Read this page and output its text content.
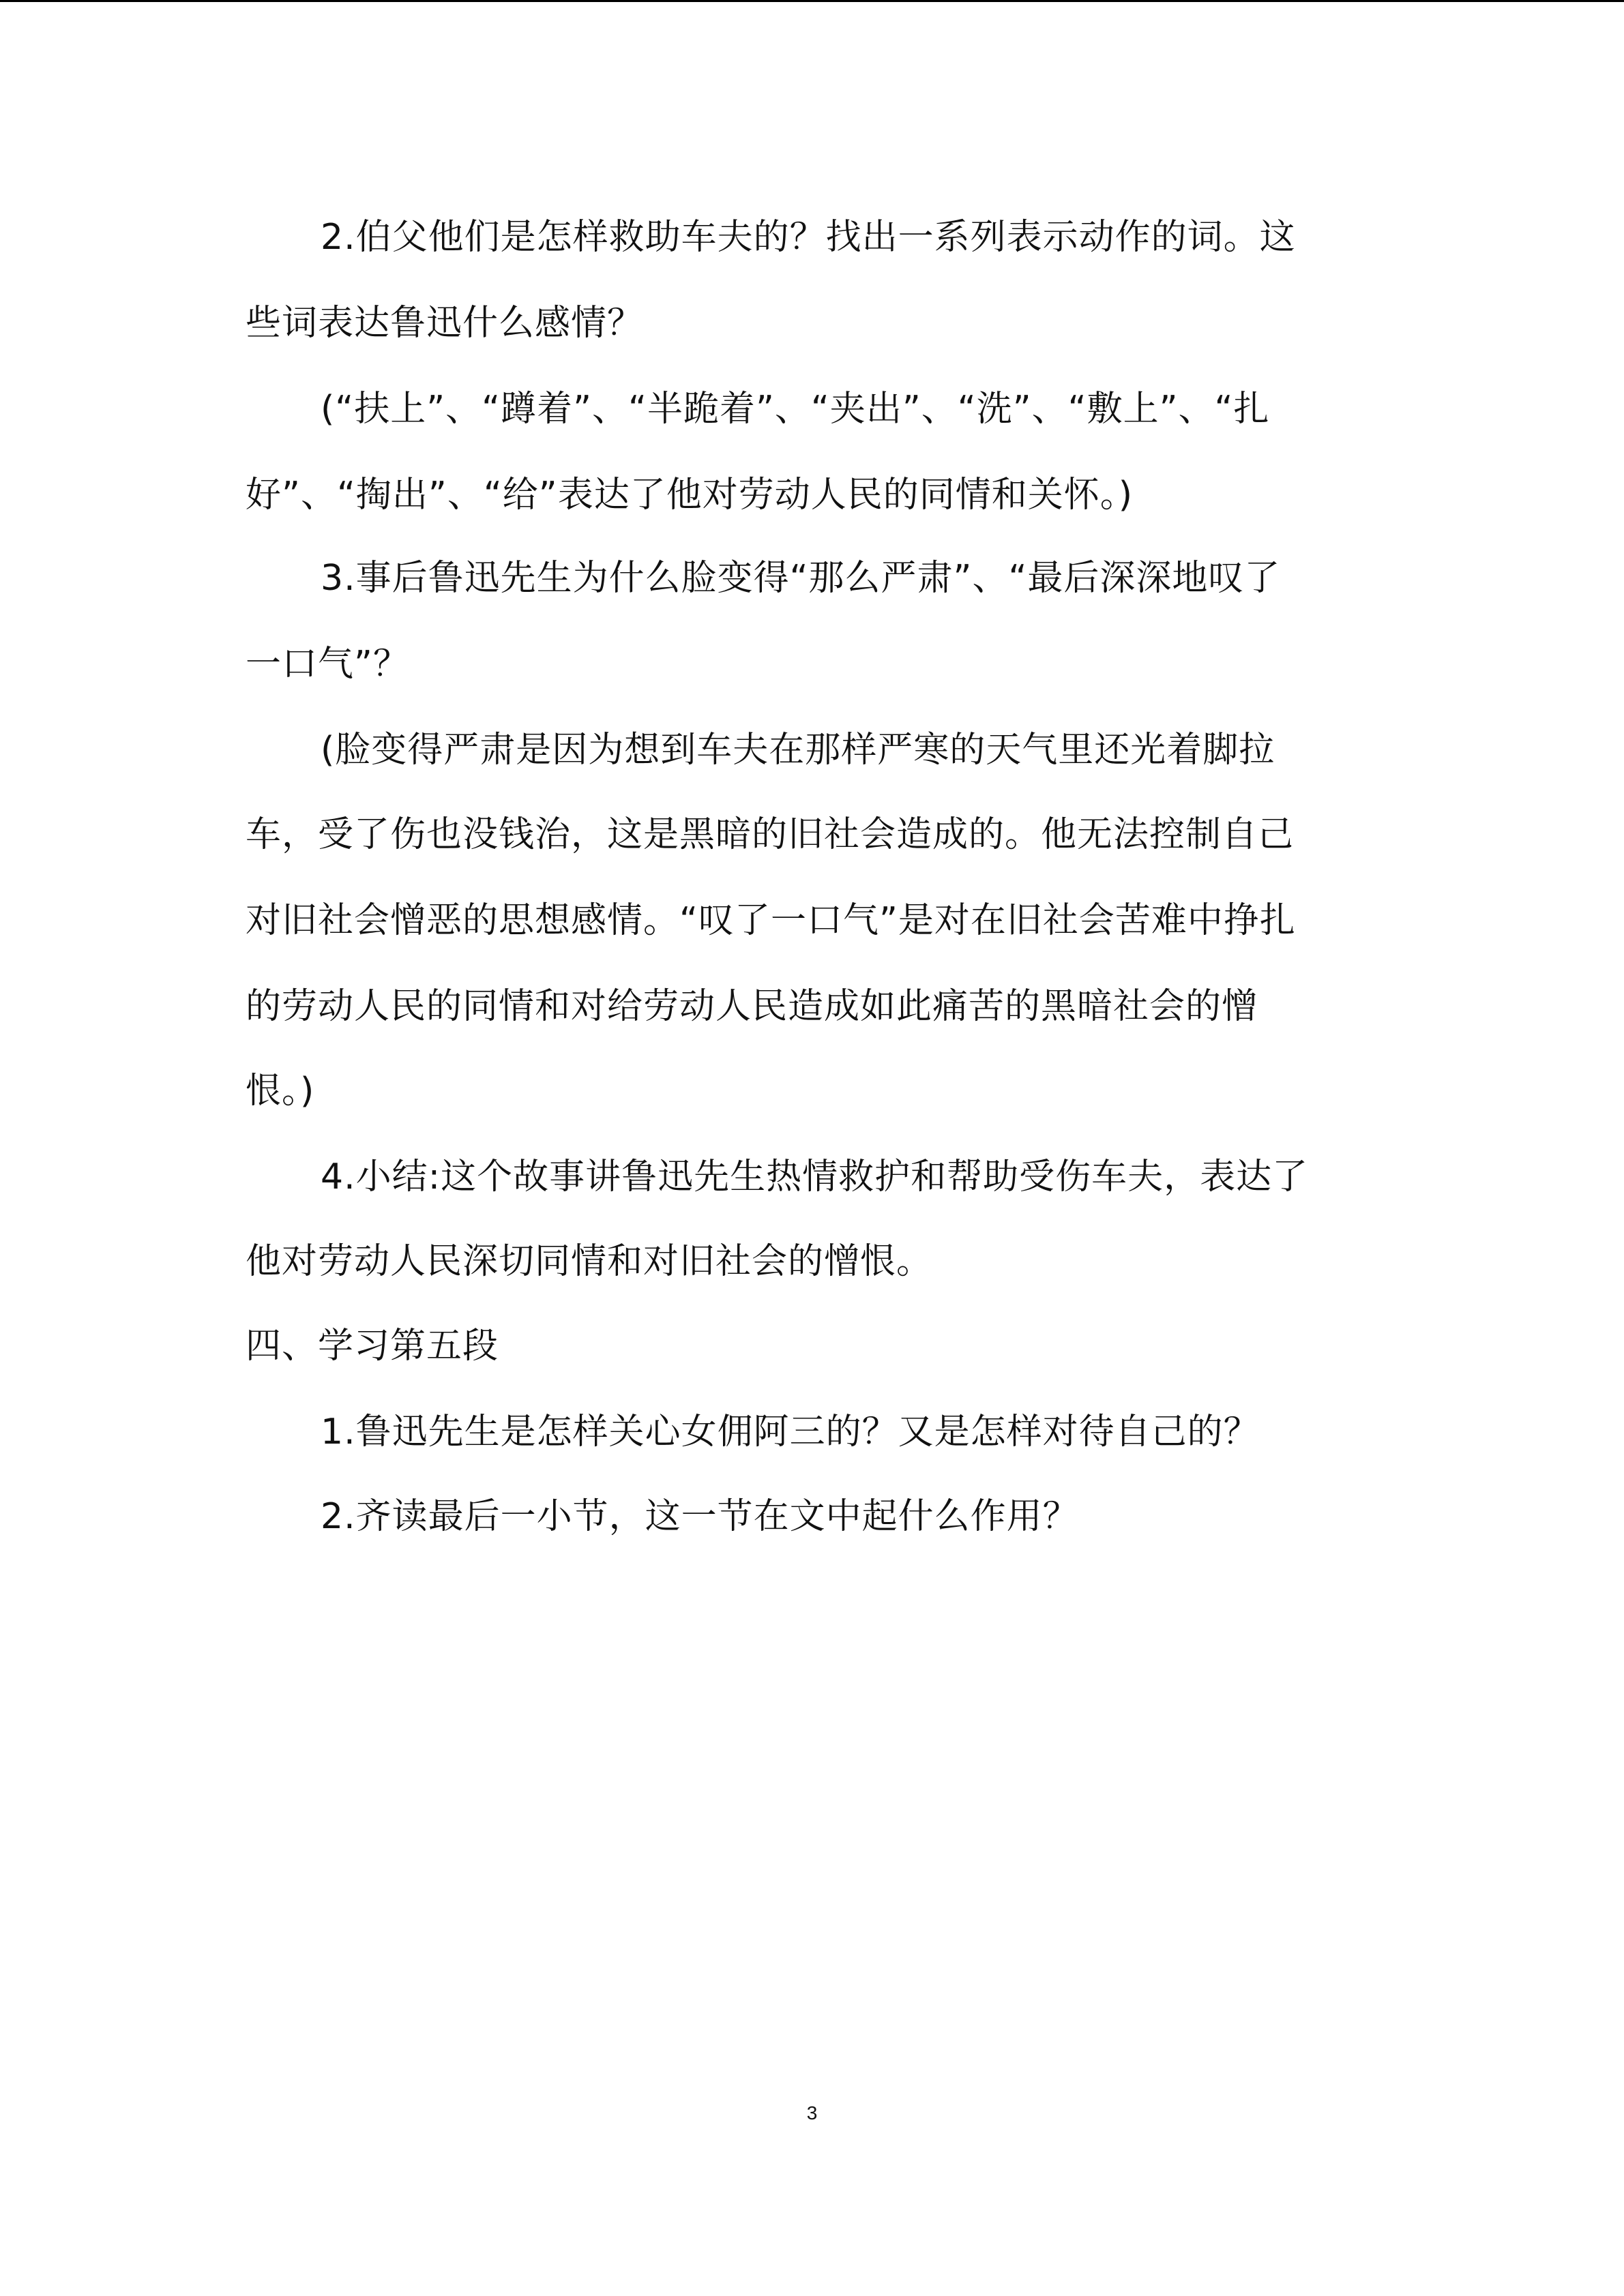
2.伯父他们是怎样救助车夫的？找出一系列表示动作的词。这
些词表达鲁迅什么感情？
(“扶上”、“蹲着”、“半跪着”、“夹出”、“洗”、“敷上”、“扎
好”、“掏出”、“给”表达了他对劳动人民的同情和关怀。)
3.事后鲁迅先生为什么脸变得“那么严肃”、“最后深深地叹了
一口气”？
(脸变得严肃是因为想到车夫在那样严寒的天气里还光着脚拉
车，受了伤也没钱治，这是黑暗的旧社会造成的。他无法控制自己
对旧社会憎恶的思想感情。“叹了一口气”是对在旧社会苦难中挣扎
的劳动人民的同情和对给劳动人民造成如此痛苦的黑暗社会的憎
恨。)
4.小结:这个故事讲鲁迅先生热情救护和帮助受伤车夫，表达了
他对劳动人民深切同情和对旧社会的憎恨。
四、学习第五段
1.鲁迅先生是怎样关心女佣阿三的？又是怎样对待自己的？
2.齐读最后一小节，这一节在文中起什么作用？
3
